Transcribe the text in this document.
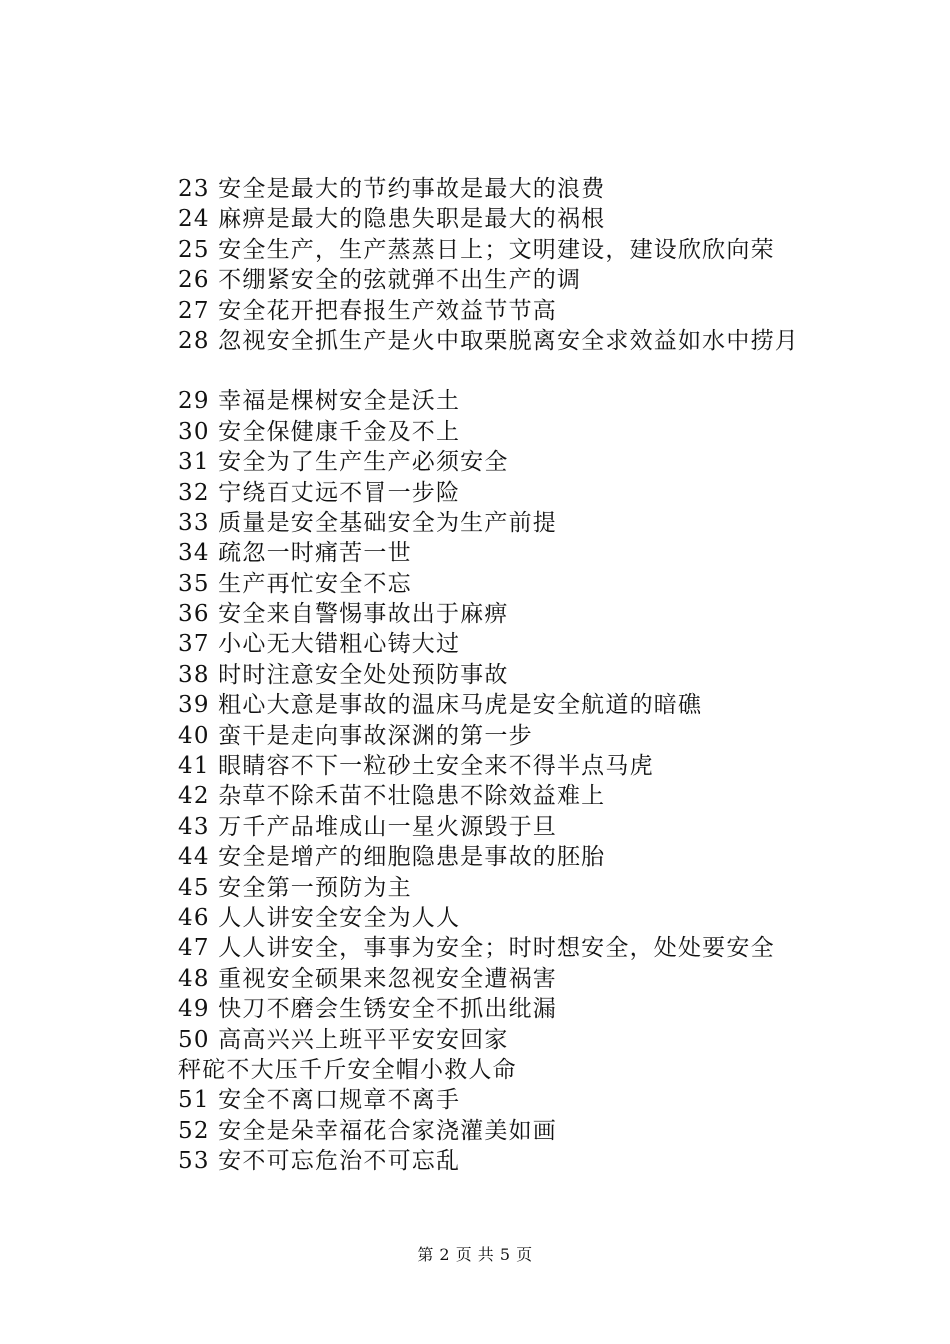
23 安全是最大的节约事故是最大的浪费
24 麻痹是最大的隐患失职是最大的祸根
25 安全生产，生产蒸蒸日上；文明建设，建设欣欣向荣
26 不绷紧安全的弦就弹不出生产的调
27 安全花开把春报生产效益节节高
28 忽视安全抓生产是火中取栗脱离安全求效益如水中捞月
29 幸福是棵树安全是沃土
30 安全保健康千金及不上
31 安全为了生产生产必须安全
32 宁绕百丈远不冒一步险
33 质量是安全基础安全为生产前提
34 疏忽一时痛苦一世
35 生产再忙安全不忘
36 安全来自警惕事故出于麻痹
37 小心无大错粗心铸大过
38 时时注意安全处处预防事故
39 粗心大意是事故的温床马虎是安全航道的暗礁
40 蛮干是走向事故深渊的第一步
41 眼睛容不下一粒砂土安全来不得半点马虎
42 杂草不除禾苗不壮隐患不除效益难上
43 万千产品堆成山一星火源毁于旦
44 安全是增产的细胞隐患是事故的胚胎
45 安全第一预防为主
46 人人讲安全安全为人人
47 人人讲安全，事事为安全；时时想安全，处处要安全
48 重视安全硕果来忽视安全遭祸害
49 快刀不磨会生锈安全不抓出纰漏
50 高高兴兴上班平平安安回家
秤砣不大压千斤安全帽小救人命
51 安全不离口规章不离手
52 安全是朵幸福花合家浇灌美如画
53 安不可忘危治不可忘乱
第 2 页 共 5 页
